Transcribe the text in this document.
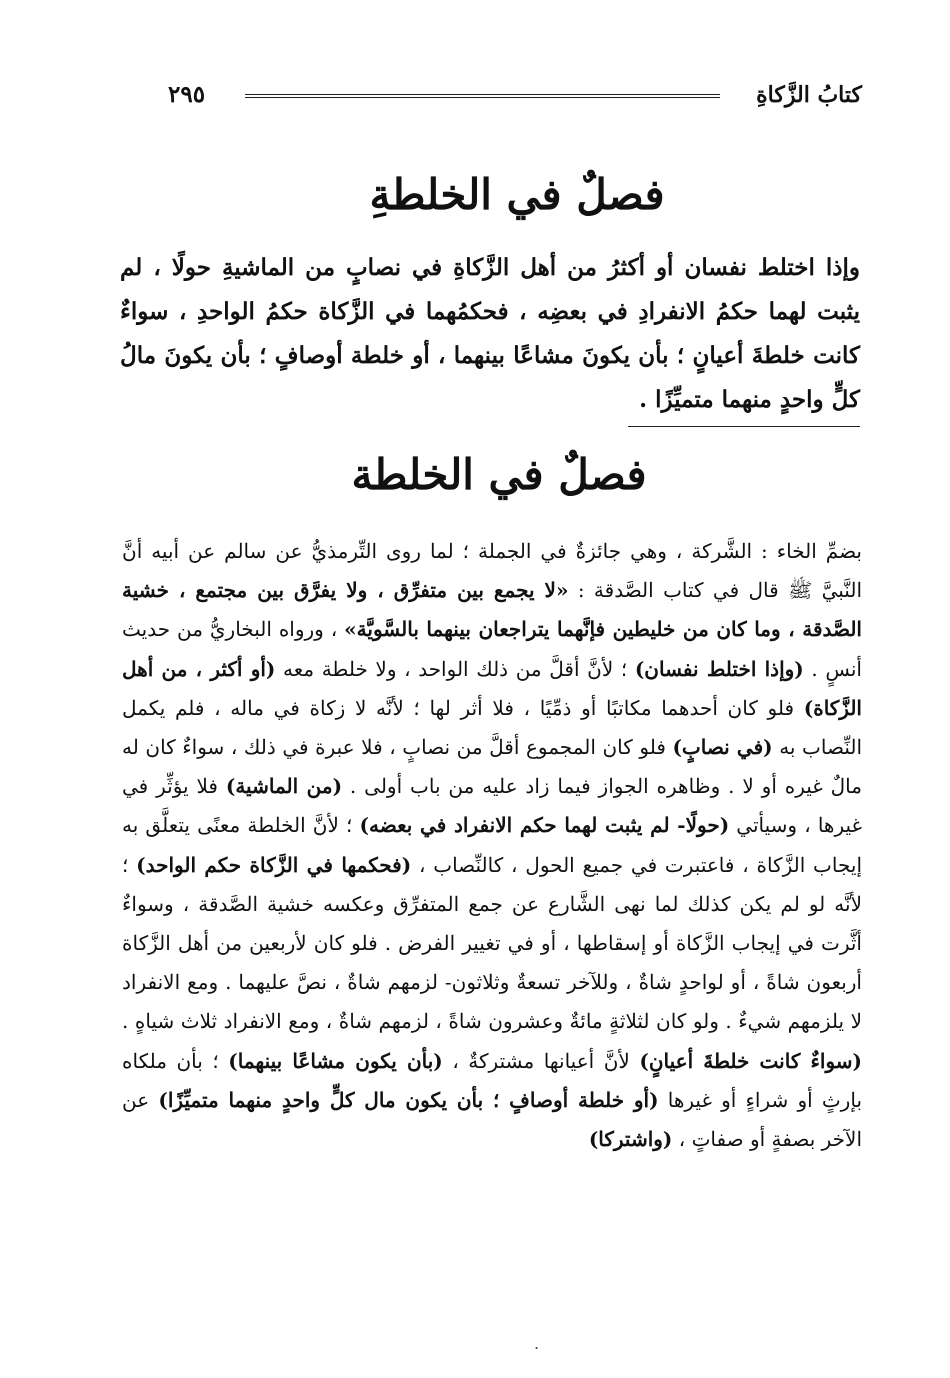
كتابُ الزَّكاةِ
٢٩٥
فصلٌ في الخلطةِ
وإذا اختلط نفسان أو أكثرُ من أهل الزَّكاةِ في نصابٍ من الماشيةِ حولًا ، لم يثبت لهما حكمُ الانفرادِ في بعضِه ، فحكمُهما في الزَّكاة حكمُ الواحدِ ، سواءٌ كانت خلطةَ أعيانٍ ؛ بأن يكونَ مشاعًا بينهما ، أو خلطة أوصافٍ ؛ بأن يكونَ مالُ كلٍّ واحدٍ منهما متميِّزًا .
فصلٌ في الخلطة
بضمِّ الخاء : الشَّركة ، وهي جائزةٌ في الجملة ؛ لما روى التِّرمذيُّ عن سالم عن أبيه أنَّ النَّبيَّ ﷺ قال في كتاب الصَّدقة : «لا يجمع بين متفرِّق ، ولا يفرَّق بين مجتمع ، خشية الصَّدقة ، وما كان من خليطين فإنَّهما يتراجعان بينهما بالسَّويَّة» ، ورواه البخاريُّ من حديث أنسٍ . (وإذا اختلط نفسان) ؛ لأنَّ أقلَّ من ذلك الواحد ، ولا خلطة معه (أو أكثر ، من أهل الزَّكاة) فلو كان أحدهما مكاتبًا أو ذمِّيًا ، فلا أثر لها ؛ لأنَّه لا زكاة في ماله ، فلم يكمل النِّصاب به (في نصابٍ) فلو كان المجموع أقلَّ من نصابٍ ، فلا عبرة في ذلك ، سواءٌ كان له مالٌ غيره أو لا . وظاهره الجواز فيما زاد عليه من باب أولى . (من الماشية) فلا يؤثِّر في غيرها ، وسيأتي (حولًا- لم يثبت لهما حكم الانفراد في بعضه) ؛ لأنَّ الخلطة معنًى يتعلَّق به إيجاب الزَّكاة ، فاعتبرت في جميع الحول ، كالنِّصاب ، (فحكمها في الزَّكاة حكم الواحد) ؛ لأنَّه لو لم يكن كذلك لما نهى الشَّارع عن جمع المتفرِّق وعكسه خشية الصَّدقة ، وسواءٌ أثَّرت في إيجاب الزَّكاة أو إسقاطها ، أو في تغيير الفرض . فلو كان لأربعين من أهل الزَّكاة أربعون شاةً ، أو لواحدٍ شاةٌ ، وللآخر تسعةٌ وثلاثون- لزمهم شاةٌ ، نصَّ عليهما . ومع الانفراد لا يلزمهم شيءٌ . ولو كان لثلاثةٍ مائةٌ وعشرون شاةً ، لزمهم شاةٌ ، ومع الانفراد ثلاث شياهٍ . (سواءٌ كانت خلطةَ أعيانٍ) لأنَّ أعيانها مشتركةٌ ، (بأن يكون مشاعًا بينهما) ؛ بأن ملكاه بإرثٍ أو شراءٍ أو غيرها (أو خلطة أوصافٍ ؛ بأن يكون مال كلٍّ واحدٍ منهما متميِّزًا) عن الآخر بصفةٍ أو صفاتٍ ، (واشتركا)
.
